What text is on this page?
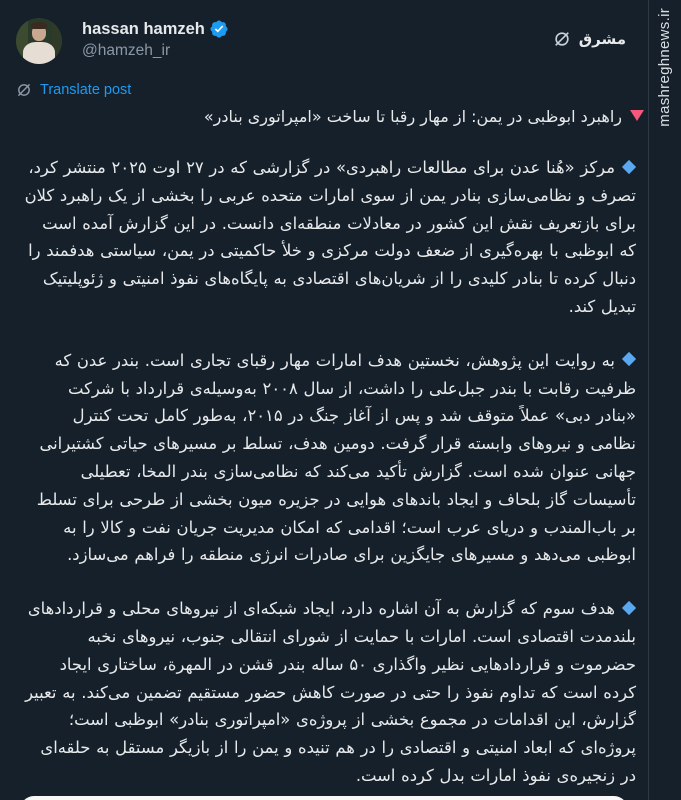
hassan hamzeh
@hamzeh_ir
مشرق
Translate post
راهبرد ابوظبی در یمن: از مهار رقبا تا ساخت «امپراتوری بنادر»

مرکز «هُنا عدن برای مطالعات راهبردی» در گزارشی که در ۲۷ اوت ۲۰۲۵ منتشر کرد، تصرف و نظامی‌سازی بنادر یمن از سوی امارات متحده عربی را بخشی از یک راهبرد کلان برای بازتعریف نقش این کشور در معادلات منطقه‌ای دانست. در این گزارش آمده است که ابوظبی با بهره‌گیری از ضعف دولت مرکزی و خلأ حاکمیتی در یمن، سیاستی هدفمند را دنبال کرده تا بنادر کلیدی را از شریان‌های اقتصادی به پایگاه‌های نفوذ امنیتی و ژئوپلیتیک تبدیل کند.

به روایت این پژوهش، نخستین هدف امارات مهار رقبای تجاری است. بندر عدن که ظرفیت رقابت با بندر جبل‌علی را داشت، از سال ۲۰۰۸ به‌وسیله‌ی قرارداد با شرکت «بنادر دبی» عملاً متوقف شد و پس از آغاز جنگ در ۲۰۱۵، به‌طور کامل تحت کنترل نظامی و نیروهای وابسته قرار گرفت. دومین هدف، تسلط بر مسیرهای حیاتی کشتیرانی جهانی عنوان شده است. گزارش تأکید می‌کند که نظامی‌سازی بندر المخا، تعطیلی تأسیسات گاز بلحاف و ایجاد باندهای هوایی در جزیره میون بخشی از طرحی برای تسلط بر باب‌المندب و دریای عرب است؛ اقدامی که امکان مدیریت جریان نفت و کالا را به ابوظبی می‌دهد و مسیرهای جایگزین برای صادرات انرژی منطقه را فراهم می‌سازد.

هدف سوم که گزارش به آن اشاره دارد، ایجاد شبکه‌ای از نیروهای محلی و قراردادهای بلندمدت اقتصادی است. امارات با حمایت از شورای انتقالی جنوب، نیروهای نخبه حضرموت و قراردادهایی نظیر واگذاری ۵۰ ساله بندر قشن در المهرة، ساختاری ایجاد کرده است که تداوم نفوذ را حتی در صورت کاهش حضور مستقیم تضمین می‌کند. به تعبیر گزارش، این اقدامات در مجموع بخشی از پروژه‌ی «امپراتوری بنادر» ابوظبی است؛ پروژه‌ای که ابعاد امنیتی و اقتصادی را در هم تنیده و یمن را از بازیگر مستقل به حلقه‌ای در زنجیره‌ی نفوذ امارات بدل کرده است.

mashreghnews.ir
